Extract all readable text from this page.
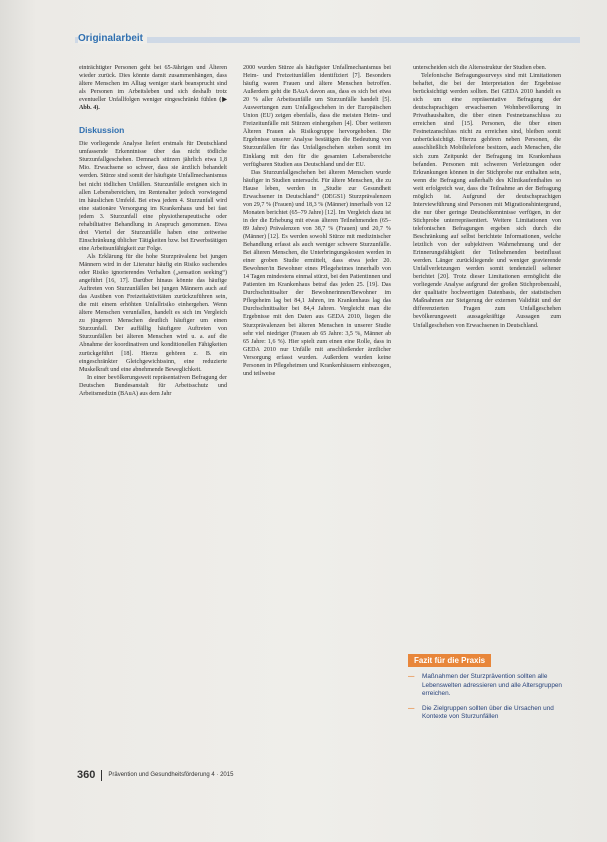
Originalarbeit

einträchtigter Personen geht bei 65-Jährigen und Älteren wieder zurück. Dies könnte damit zusammenhängen, dass ältere Menschen im Alltag weniger stark beansprucht sind als Personen im Arbeitsleben und sich deshalb trotz eventueller Unfallfolgen weniger eingeschränkt fühlen (▶ Abb. 4).

Diskussion

Die vorliegende Analyse liefert erstmals für Deutschland umfassende Erkenntnisse über das nicht tödliche Sturzunfallgeschehen. Demnach stürzen jährlich etwa 1,8 Mio. Erwachsene so schwer, dass sie ärztlich behandelt werden. Stürze sind somit der häufigste Unfallmechanismus bei nicht tödlichen Unfällen. Sturzunfälle ereignen sich in allen Lebensbereichen, im Rentenalter jedoch vorwiegend im häuslichen Umfeld. Bei etwa jedem 4. Sturzunfall wird eine stationäre Versorgung im Krankenhaus und bei fast jedem 3. Sturzunfall eine physiotherapeutische oder rehabilitative Behandlung in Anspruch genommen. Etwa drei Viertel der Sturzunfälle haben eine zeitweise Einschränkung üblicher Tätigkeiten bzw. bei Erwerbstätigen eine Arbeitsunfähigkeit zur Folge.

Als Erklärung für die hohe Sturzprävalenz bei jungen Männern wird in der Literatur häufig ein Risiko suchendes oder Risiko ignorierendes Verhalten („sensation seeking“) angeführt [16, 17]. Darüber hinaus könnte das häufige Auftreten von Sturzunfällen bei jungen Männern auch auf das Ausüben von Freizeitaktivitäten zurückzuführen sein, die mit einem erhöhten Unfallrisiko einhergehen. Wenn ältere Menschen verunfallen, handelt es sich im Vergleich zu jüngeren Menschen deutlich häufiger um einen Sturzunfall. Der auffällig häufigere Auftreten von Sturzunfällen bei älteren Menschen wird u. a. auf die Abnahme der koordinativen und konditionellen Fähigkeiten zurückgeführt [18]. Hierzu gehören z. B. ein eingeschränkter Gleichgewichtssinn, eine reduzierte Muskelkraft und eine abnehmende Beweglichkeit.

In einer bevölkerungsweit repräsentativen Befragung der Deutschen Bundesanstalt für Arbeitsschutz und Arbeitsmedizin (BAuA) aus dem Jahr

2000 wurden Stürze als häufigster Unfallmechanismus bei Heim- und Freizeitunfällen identifiziert [7]. Besonders häufig waren Frauen und ältere Menschen betroffen. Außerdem geht die BAuA davon aus, dass es sich bei etwa 20 % aller Arbeitsunfälle um Sturzunfälle handelt [5]. Auswertungen zum Unfallgeschehen in der Europäischen Union (EU) zeigen ebenfalls, dass die meisten Heim- und Freizeitunfälle mit Stürzen einhergehen [4]. Über weiteren Älteren Frauen als Risikogruppe hervorgehoben. Die Ergebnisse unserer Analyse bestätigen die Bedeutung von Sturzunfällen für das Unfallgeschehen stehen somit im Einklang mit den für die gesamten Lebensbereiche verfügbaren Studien aus Deutschland und der EU.

Das Sturzunfallgeschehen bei älteren Menschen wurde häufiger in Studien untersucht. Für ältere Menschen, die zu Hause leben, werden in „Studie zur Gesundheit Erwachsener in Deutschland“ (DEGS1) Sturzprävalenzen von 29,7 % (Frauen) und 18,3 % (Männer) innerhalb von 12 Monaten berichtet (65–79 Jahre) [12]. Im Vergleich dazu ist in der die Erhebung mit etwas älteren Teilnehmenden (65–89 Jahre) Prävalenzen von 38,7 % (Frauen) und 20,7 % (Männer) [12]. Es werden sowohl Stürze mit medizinischer Behandlung erfasst als auch weniger schwere Sturzunfälle. Bei älteren Menschen, die Unterbringungskosten werden in einer groben Studie ermittelt, dass etwa jeder 20. Bewohner/in Bewohner eines Pflegeheimes innerhalb von 14 Tagen mindestens einmal stürzt, bei den Patientinnen und Patienten im Krankenhaus betraf das jeden 25. [19]. Das Durchschnittsalter der Bewohnerinnen/Bewohner im Pflegeheim lag bei 84,1 Jahren, im Krankenhaus lag das Durchschnittsalter bei 84,4 Jahren. Vergleicht man die Ergebnisse mit den Daten aus GEDA 2010, liegen die Sturzprävalenzen bei älteren Menschen in unserer Studie sehr viel niedriger (Frauen ab 65 Jahre: 3,5 %, Männer ab 65 Jahre: 1,6 %). Hier spielt zum einen eine Rolle, dass in GEDA 2010 nur Unfälle mit anschließender ärztlicher Versorgung erfasst wurden. Außerdem wurden keine Personen in Pflegeheimen und Krankenhäusern einbezogen, und teilweise

unterscheiden sich die Altersstruktur der Studien eben.

Telefonische Befragungssurveys sind mit Limitationen behaftet, die bei der Interpretation der Ergebnisse berücksichtigt werden sollten. Bei GEDA 2010 handelt es sich um eine repräsentative Befragung der deutschsprachigen erwachsenen Wohnbevölkerung in Privathaushalten, die über einen Festnetzanschluss zu erreichen sind [15]. Personen, die über einen Festnetzanschluss nicht zu erreichen sind, bleiben somit unberücksichtigt. Hierzu gehören neben Personen, die ausschließlich Mobiltelefone besitzen, auch Menschen, die sich zum Zeitpunkt der Befragung im Krankenhaus befanden. Personen mit schweren Verletzungen oder Erkrankungen können in der Stichprobe nur enthalten sein, wenn die Befragung außerhalb des Klinikaufenthaltes so weit erfolgreich war, dass die Teilnahme an der Befragung möglich ist. Aufgrund der deutschsprachigen Interviewführung sind Personen mit Migrationshintergrund, die nur über geringe Deutschkenntnisse verfügen, in der Stichprobe unterrepräsentiert. Weitere Limitationen von telefonischen Befragungen ergeben sich durch die Beschränkung auf selbst berichtete Informationen, welche letztlich von der subjektiven Wahrnehmung und der Erinnerungsfähigkeit der Teilnehmenden beeinflusst werden. Länger zurückliegende und weniger gravierende Unfallverletzungen werden somit tendenziell seltener berichtet [20]. Trotz dieser Limitationen ermöglicht die vorliegende Analyse aufgrund der großen Stichprobenzahl, der qualitativ hochwertigen Datenbasis, der statistischen Maßnahmen zur Steigerung der externen Validität und der differenzierten Fragen zum Unfallgeschehen bevölkerungsweit aussagekräftige Aussagen zum Unfallgeschehen von Erwachsenen in Deutschland.

Fazit für die Praxis
— Maßnahmen der Sturzprävention sollten alle Lebenswelten adressieren und alle Altersgruppen erreichen.
— Die Zielgruppen sollten über die Ursachen und Kontexte von Sturzunfällen
360 Prävention und Gesundheitsförderung 4 · 2015
